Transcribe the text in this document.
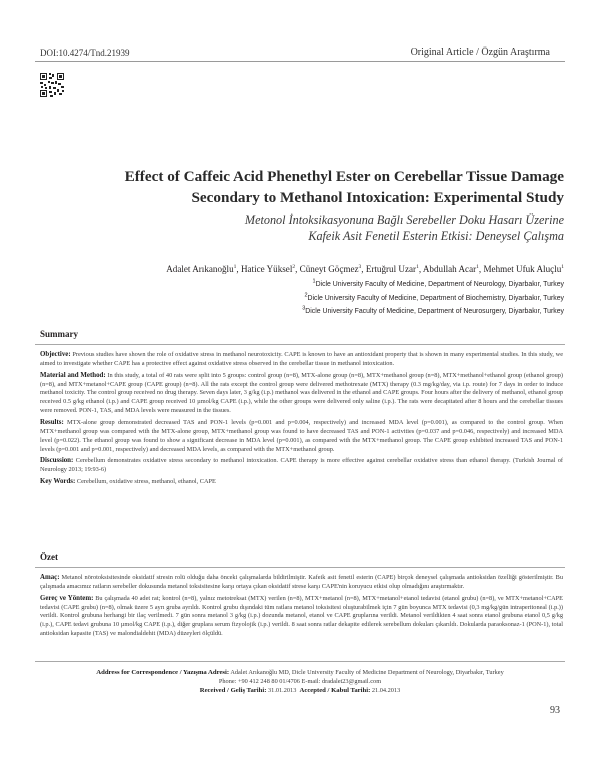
DOI:10.4274/Tnd.21939	Original Article / Özgün Araştırma
Effect of Caffeic Acid Phenethyl Ester on Cerebellar Tissue Damage
Secondary to Methanol Intoxication: Experimental Study
Metonol İntoksikasyonuna Bağlı Serebeller Doku Hasarı Üzerine
Kafeik Asit Fenetil Esterin Etkisi: Deneysel Çalışma
Adalet Arıkanoğlu$^1$, Hatice Yüksel$^2$, Cüneyt Göçmez$^3$, Ertuğrul Uzar$^1$, Abdullah Acar$^1$, Mehmet Ufuk Aluçlu$^1$
$^1$Dicle University Faculty of Medicine, Department of Neurology, Diyarbakır, Turkey
$^2$Dicle University Faculty of Medicine, Department of Biochemistry, Diyarbakır, Turkey
$^3$Dicle University Faculty of Medicine, Department of Neurosurgery, Diyarbakır, Turkey
Summary

Objective: Previous studies have shown the role of oxidative stress in methanol neurotoxicity. CAPE is known to have an antioxidant property that is shown in many experimental studies. In this study, we aimed to investigate whether CAPE has a protective effect against oxidative stress observed in the cerebellar tissue in methanol intoxication.

Material and Method: In this study, a total of 40 rats were split into 5 groups: control group (n=8), MTX-alone group (n=8), MTX+methanol group (n=8), MTX+methanol+ethanol group (ethanol group) (n=8), and MTX+metanol+CAPE group (CAPE group) (n=8). All the rats except the control group were delivered methotrexate (MTX) therapy (0.3 mg/kg/day, via i.p. route) for 7 days in order to induce methanol toxicity. The control group received no drug therapy. Seven days later, 3 g/kg (i.p.) methanol was delivered in the ethanol and CAPE groups. Four hours after the delivery of methanol, ethanol group received 0.5 g/kg ethanol (i.p.) and CAPE group received 10 µmol/kg CAPE (i.p.), while the other groups were delivered only saline (i.p.). The rats were decapitated after 8 hours and the cerebellar tissues were removed. PON-1, TAS, and MDA levels were measured in the tissues.

Results: MTX-alone group demonstrated decreased TAS and PON-1 levels (p=0.001 and p=0.004, respectively) and increased MDA level (p=0.001), as compared to the control group. When MTX+methanol group was compared with the MTX-alone group, MTX+methanol group was found to have decreased TAS and PON-1 activities (p=0.037 and p=0.046, respectively) and increased MDA level (p=0.022). The ethanol group was found to show a significant decrease in MDA level (p=0.001), as compared with the MTX+methanol group. The CAPE group exhibited increased TAS and PON-1 levels (p=0.001 and p=0.001, respectively) and decreased MDA levels, as compared with the MTX+methanol group.

Discussion: Cerebellum demonstrates oxidative stress secondary to methanol intoxication. CAPE therapy is more effective against cerebellar oxidative stress than ethanol therapy. (Turkish Journal of Neurology 2013; 19:93-6)

Key Words: Cerebellum, oxidative stress, methanol, ethanol, CAPE

Özet

Amaç: Metanol nörotoksisitesinde oksidatif stresin rolü olduğu daha önceki çalışmalarda bildirilmiştir. Kafeik asit fenetil esterin (CAPE) birçok deneysel çalışmada antioksidan özelliği gösterilmiştir. Bu çalışmada amacımız ratların serebeller dokusunda metanol toksisitesine karşı ortaya çıkan oksidatif strese karşı CAPE'nin koruyucu etkisi olup olmadığını araştırmaktır.

Gereç ve Yöntem: Bu çalışmada 40 adet rat; kontrol (n=8), yalnız metotreksat (MTX) verilen (n=8), MTX+metanol (n=8), MTX+metanol+etanol tedavisi (etanol grubu) (n=8), ve MTX+metanol+CAPE tedavisi (CAPE grubu) (n=8), olmak üzere 5 ayrı gruba ayrıldı. Kontrol grubu dışındaki tüm ratlara metanol toksisitesi oluşturabilmek için 7 gün boyunca MTX tedavisi (0,3 mg/kg/gün intraperitoneal (i.p.)) verildi. Kontrol grubuna herhangi bir ilaç verilmedi. 7 gün sonra metanol 3 g/kg (i.p.) dozunda metanol, etanol ve CAPE gruplarına verildi. Metanol verildikten 4 saat sonra etanol grubuna etanol 0,5 g/kg (i.p.), CAPE tedavi grubuna 10 µmol/kg CAPE (i.p.), diğer gruplara serum fizyolojik (i.p.) verildi. 8 saat sonra ratlar dekapite edilerek serebellum dokuları çıkarıldı. Dokularda paraoksonaz-1 (PON-1), total antioksidan kapasite (TAS) ve malondialdehit (MDA) düzeyleri ölçüldü.

Address for Correspondence / Yazışma Adresi: Adalet Arıkanoğlu MD, Dicle University Faculty of Medicine Department of Neurology, Diyarbakır, Turkey
Phone: +90 412 248 80 01/4706 E-mail: dradalet23@gmail.com
Received / Geliş Tarihi: 31.01.2013 Accepted / Kabul Tarihi: 21.04.2013
93
